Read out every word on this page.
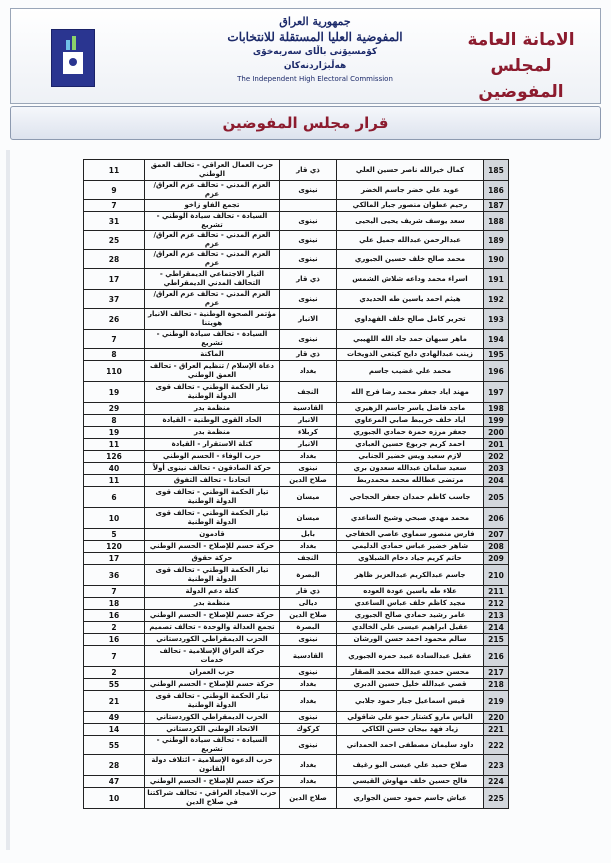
جمهورية العراق
المفوضية العليا المستقلة للانتخابات
كۆمسیۆنی باڵای سەربەخۆی هەڵبژاردنەکان
The Independent High Electoral Commission
الامانة العامة
لمجلس المفوضين
قرار مجلس المفوضين
185	كمال خيرالله ناصر حسين العلي	ذي قار	حزب العمال العراقي - تحالف العمق الوطني	11
186	عويد علي خضر جاسم الخضر	نينوى	العزم المدني - تحالف عزم العراق/عزم	9
187	رحيم عطوان منصور جبار المالكي		تجمع الفاو زاخو	7
188	سعد يوسف شريف يحيى اليحيى	نينوى	السيادة - تحالف سيادة الوطني - تشريع	31
189	عبدالرحمن عبدالله جميل علي	نينوى	العزم المدني - تحالف عزم العراق/عزم	25
190	محمد صالح خلف حسين الجبوري	نينوى	العزم المدني - تحالف عزم العراق/عزم	28
191	اسراء محمد وداعه شلاش الشمس	ذي قار	التيار الاجتماعي الديمقراطي - التحالف المدني الديمقراطي	17
192	هيثم احمد ياسين طه الحديدي	نينوى	العزم المدني - تحالف عزم العراق/عزم	37
193	تحرير كامل صالح خلف الفهداوي	الانبار	مؤتمر الصحوة الوطنية - تحالف الانبار هويتنا	26
194	ماهر سبهان حمد جاد الله اللهيبي	نينوى	السيادة - تحالف سيادة الوطني - تشريع	7
195	زينب عبدالهادي دايخ كيتعي الذويخات	ذي قار	الماكنة	8
196	محمد علي غضيب جاسم	بغداد	دعاة الإسلام / تنظيم العراق - تحالف العمق الوطني	110
197	مهند اياد جعفر محمد رضا فرج الله	النجف	تيار الحكمة الوطني - تحالف قوى الدولة الوطنية	19
198	ماجد فاضل ياسر جاسم الزهيري	القادسية	منظمة بدر	29
199	اياد خلف خريبط صابي المرعاوي	الانبار	الحاد القوى الوطنية - القيادة	8
200	جعفر مرزه حمزة حمادي الجبوري	كربلاء	منظمة بدر	19
201	احمد كريم جربوع حسين العبادي	الانبار	كتلة الاستقرار - القيادة	11
202	لازم سعيد ويس خضير الجنابي	بغداد	حزب الوفاء - الحسم الوطني	126
203	سعيد سلمان عبدالله سعدون بري	نينوى	حركة الصادقون - تحالف نينوى أولاً	40
204	مرتضى عطالله محمد محمدربط	صلاح الدين	اتحادنا - تحالف التفوق	11
205	جاسب كاظم حمدان جعفر الحجاجي	ميسان	تيار الحكمة الوطني - تحالف قوى الدولة الوطنية	6
206	محمد مهدي صبحي وشيخ الساعدي	ميسان	تيار الحكمة الوطني - تحالف قوى الدولة الوطنية	10
207	فارس منصور سماوي عاصي الخفاجي	بابل	قادمون	5
208	شاهر خضير عباس حمادي الدليمي	بغداد	حركة حسم للإصلاح - الحسم الوطني	120
209	حاتم كريم جياد دخام الشبلاوي	النجف	حركة حقوق	17
210	جاسم عبدالكريم عبدالعزيز ظاهر	البصرة	تيار الحكمة الوطني - تحالف قوى الدولة الوطنية	36
211	علاء طه ياسين عودة العوده	ذي قار	كتلة دعم الدولة	7
212	مجيد كاظم خلف عباس الساعدي	ديالى	منظمة بدر	18
213	عامر رشيد حمادي صالح الجبوري	صلاح الدين	حركة حسم للإصلاح - الحسم الوطني	16
214	عقيل ابراهيم عيسى علي الخالدي	البصرة	تجمع العدالة والوحدة - تحالف تصميم	2
215	سالم محمود احمد حسن الورشان	نينوى	الحزب الديمقراطي الكوردستاني	16
216	عقيل عبدالسادة عبيد حمزه الجبوري	القادسية	حركة العراق الإسلامية - تحالف خدمات	7
217	محسن حمدي عبدالله محمد الصقار	نينوى	حزب العمران	2
218	قصي عبدالله خليل حسين الدبري	بغداد	حركة حسم للإصلاح - الحسم الوطني	55
219	قيس اسماعيل جبار حمود جلابي	بغداد	تيار الحكمة الوطني - تحالف قوى الدولة الوطنية	21
220	الياس مارو كشتار حمو علي شاقولي	نينوى	الحزب الديمقراطي الكوردستاني	49
221	زياد فهد بيجان حسن الكاكي	كركوك	الاتحاد الوطني الكردستاني	14
222	داود سليمان مصطفى احمد الحمداني	نينوى	السيادة - تحالف سيادة الوطني - تشريع	55
223	صلاح حميد علي عيسى البو رغيف	بغداد	حزب الدعوة الإسلامية - ائتلاف دولة القانون	28
224	فالح حسين خلف مهاوش القيسي	بغداد	حركة حسم للإصلاح - الحسم الوطني	47
225	عياش جاسم حمود حسن الجواري	صلاح الدين	حزب الامجاد العراقي - تحالف شراكتنا في صلاح الدين	10
